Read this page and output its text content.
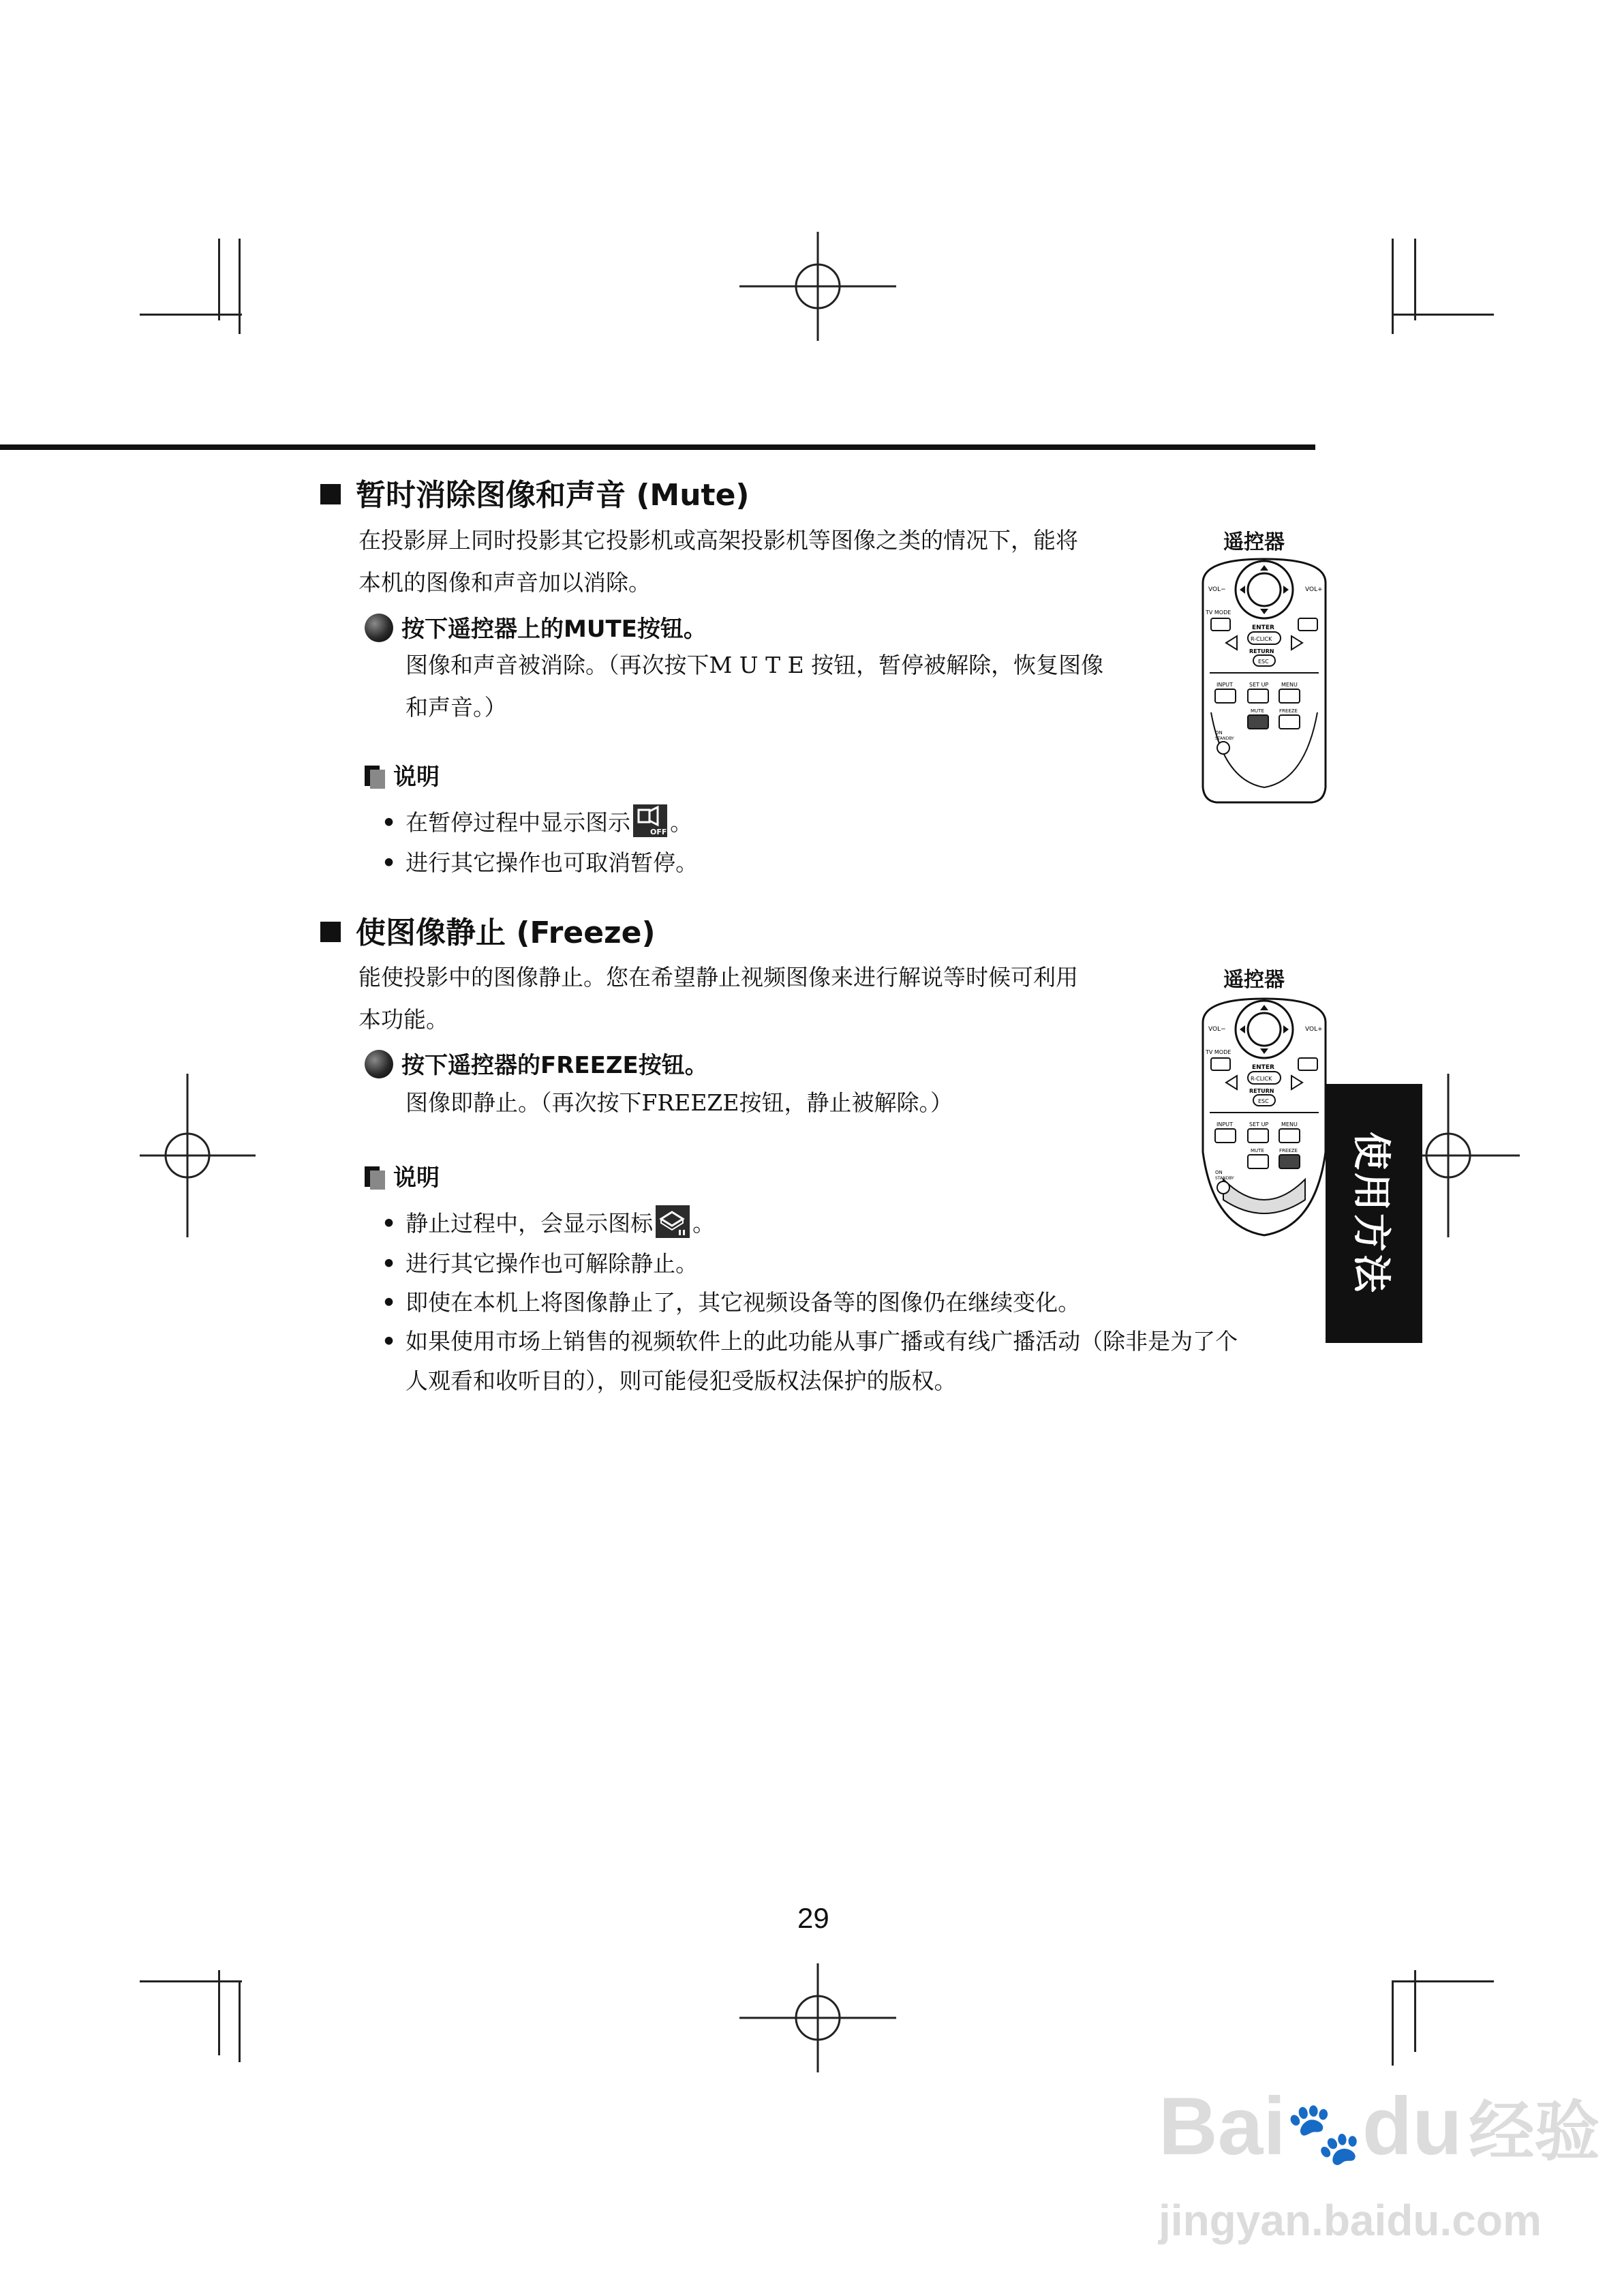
暂时消除图像和声音 (Mute)
在投影屏上同时投影其它投影机或高架投影机等图像之类的情况下，能将
本机的图像和声音加以消除。
按下遥控器上的MUTE按钮。
图像和声音被消除。（再次按下M U T E 按钮，暂停被解除，恢复图像
和声音。）
说明
• 在暂停过程中显示图示	OFF 。
• 进行其它操作也可取消暂停。
遥控器
VOL−	VOL+
TV MODE
ENTER
R-CLICK
RETURN
ESC
INPUT	SET UP MENU
MUTE	FREEZE
ON
STANDBY
使图像静止 (Freeze)
能使投影中的图像静止。您在希望静止视频图像来进行解说等时候可利用
本功能。
按下遥控器的FREEZE按钮。
图像即静止。（再次按下FREEZE按钮，静止被解除。）
说明
• 静止过程中，会显示图标 。
• 进行其它操作也可解除静止。
• 即使在本机上将图像静止了，其它视频设备等的图像仍在继续变化。
• 如果使用市场上销售的视频软件上的此功能从事广播或有线广播活动（除非是为了个
人观看和收听目的），则可能侵犯受版权法保护的版权。
遥控器
VOL−	VOL+
TV MODE
ENTER
R-CLICK
RETURN
ESC
INPUT	SET UP MENU
MUTE	FREEZE
ON
STANDBY	使用方法
29
Bai🐾du 经验
jingyan.baidu.com
